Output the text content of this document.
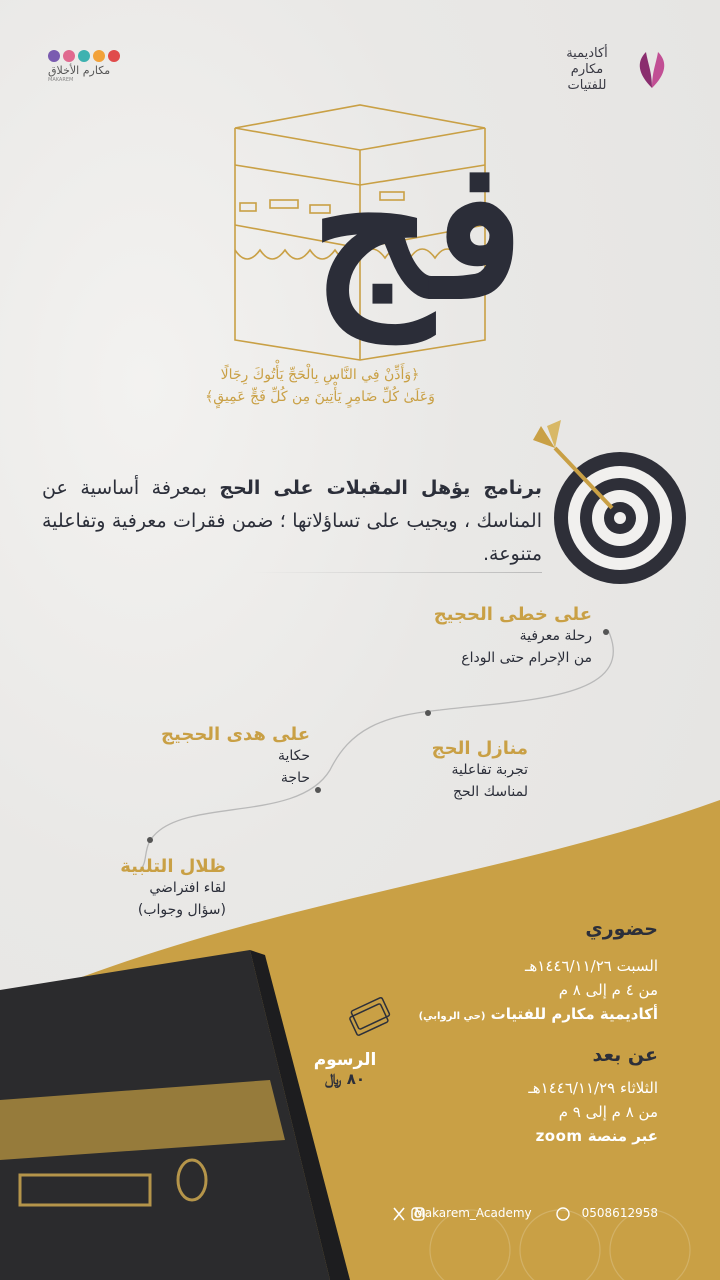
أكاديمية
مكارم
للفتيات
مكارم الأخلاق
MAKAREM
فج
﴿وَأَذِّنْ فِي النَّاسِ بِالْحَجِّ يَأْتُوكَ رِجَالًا
وَعَلَىٰ كُلِّ ضَامِرٍ يَأْتِينَ مِن كُلِّ فَجٍّ عَمِيقٍ﴾
برنامج يؤهل المقبلات على الحج بمعرفة أساسية عن المناسك ، ويجيب على تساؤلاتها ؛ ضمن فقرات معرفية وتفاعلية متنوعة.
على خطى الحجيج

رحلة معرفية

من الإحرام حتى الوداع

منازل الحج

تجربة تفاعلية

لمناسك الحج

على هدى الحجيج

حكاية

حاجة

ظلال التلبية

لقاء افتراضي

(سؤال وجواب)

حضوري
السبت ١٤٤٦/١١/٢٦هـ
من ٤ م إلى ٨ م
أكاديمية مكارم للفتيات (حي الروابي)
عن بعد
الثلاثاء ١٤٤٦/١١/٢٩هـ
من ٨ م إلى ٩ م
عبر منصة zoom
الرسوم
٨٠ ﷼
Makarem_Academy	0508612958
